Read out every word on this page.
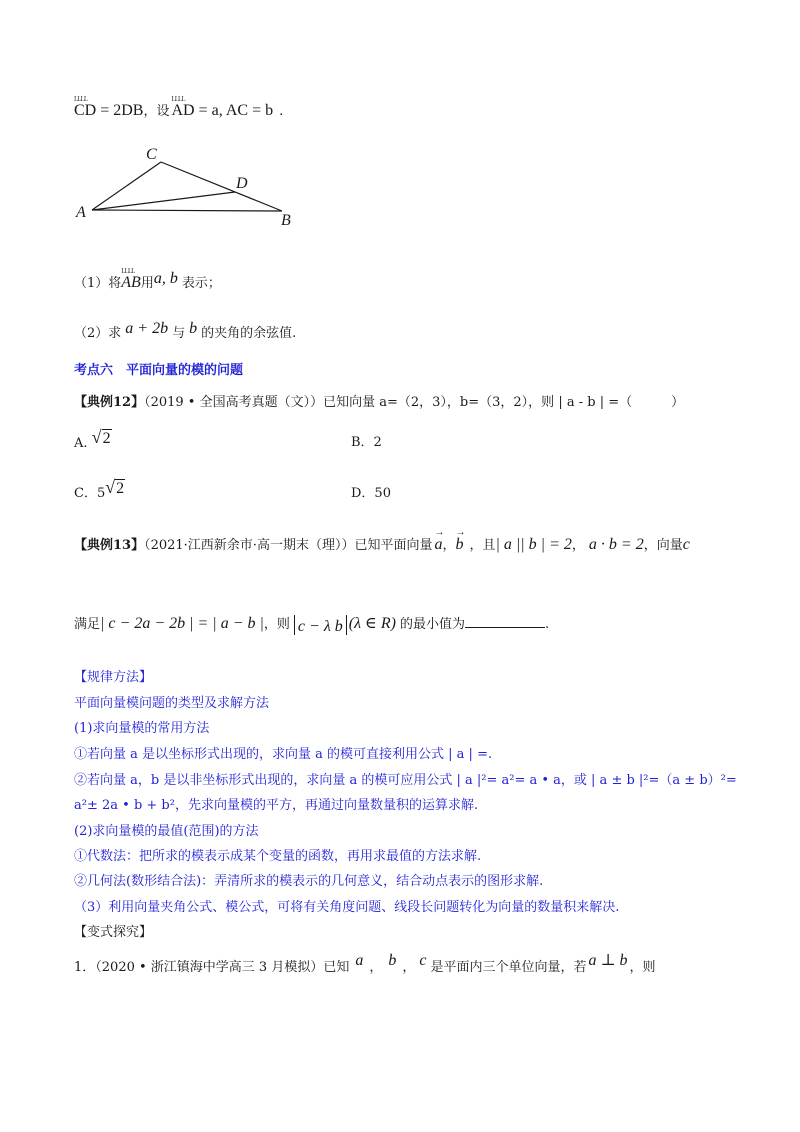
LLLL CD = 2DB，设 LLLL AD = a, AC = b .
A	B
C
D
（1）将LLLL AB用a, b 表示；
（2）求 a + 2b 与 b 的夹角的余弦值.
考点六　平面向量的模的问题
【典例12】（2019 • 全国高考真题（文））已知向量 a=（2，3），b=（3，2），则 | a - b | =（　　　）
A. √2	B．2
C．5√2	D．50
【典例13】（2021·江西新余市·高一期末（理））已知平面向量 → a，→ b ，且| a || b | = 2， a · b = 2，向量c
满足| c − 2a − 2b | = | a − b |，则 c − λ b (λ ∈ R) 的最小值为	.
【规律方法】
平面向量模问题的类型及求解方法
(1)求向量模的常用方法
①若向量 a 是以坐标形式出现的，求向量 a 的模可直接利用公式 | a | =.
②若向量 a，b 是以非坐标形式出现的，求向量 a 的模可应用公式 | a |²= a²= a • a，或 | a ± b |²=（a ± b）²=
a²± 2a • b + b²，先求向量模的平方，再通过向量数量积的运算求解.
(2)求向量模的最值(范围)的方法
①代数法：把所求的模表示成某个变量的函数，再用求最值的方法求解.
②几何法(数形结合法)：弄清所求的模表示的几何意义，结合动点表示的图形求解.
（3）利用向量夹角公式、模公式，可将有关角度问题、线段长问题转化为向量的数量积来解决.
【变式探究】
1．（2020 • 浙江镇海中学高三 3 月模拟）已知 a ， b ， c 是平面内三个单位向量，若 a ⊥ b ，则
